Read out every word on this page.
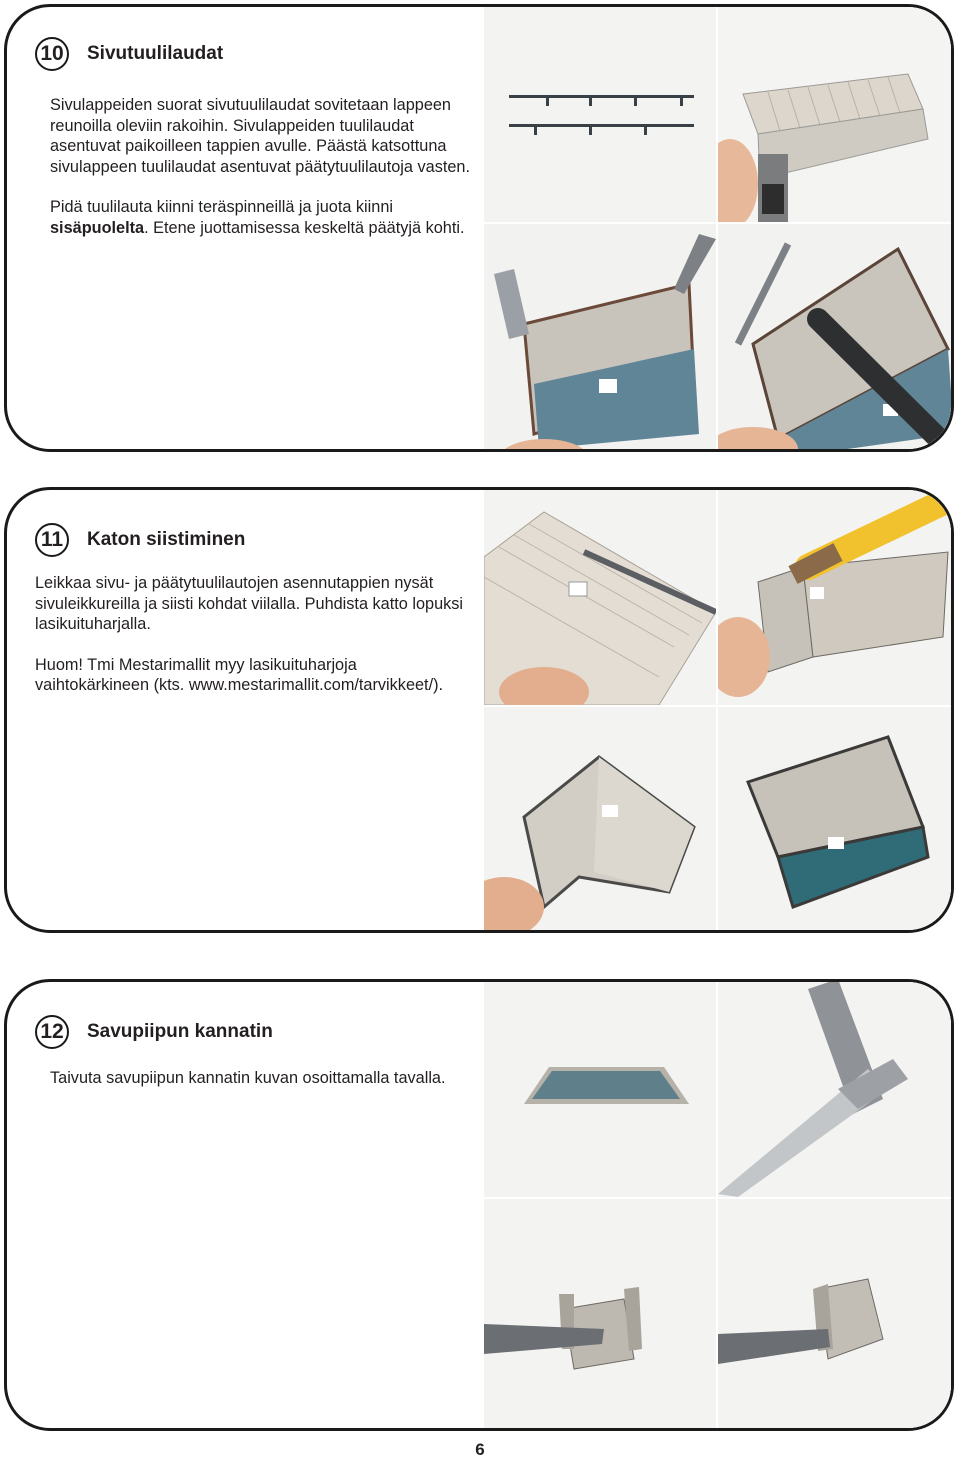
10 Sivutuulilaudat

Sivulappeiden suorat sivutuulilaudat sovitetaan lappeen reunoilla oleviin rakoihin. Sivulappeiden tuulilaudat asentuvat paikoilleen tappien avulle. Päästä katsottuna sivulappeen tuulilaudat asentuvat päätytuulilautoja vasten.

Pidä tuulilauta kiinni teräspinneillä ja juota kiinni sisäpuolelta. Etene juottamisessa keskeltä päätyjä kohti.

11	Katon siistiminen

Leikkaa sivu- ja päätytuulilautojen asennutappien nysät sivuleikkureilla ja siisti kohdat viilalla. Puhdista katto lopuksi lasikuituharjalla.

Huom! Tmi Mestarimallit myy lasikuituharjoja vaihtokärkineen (kts. www.mestarimallit.com/tarvikkeet/).

12 Savupiipun kannatin

Taivuta savupiipun kannatin kuvan osoittamalla tavalla.

6
